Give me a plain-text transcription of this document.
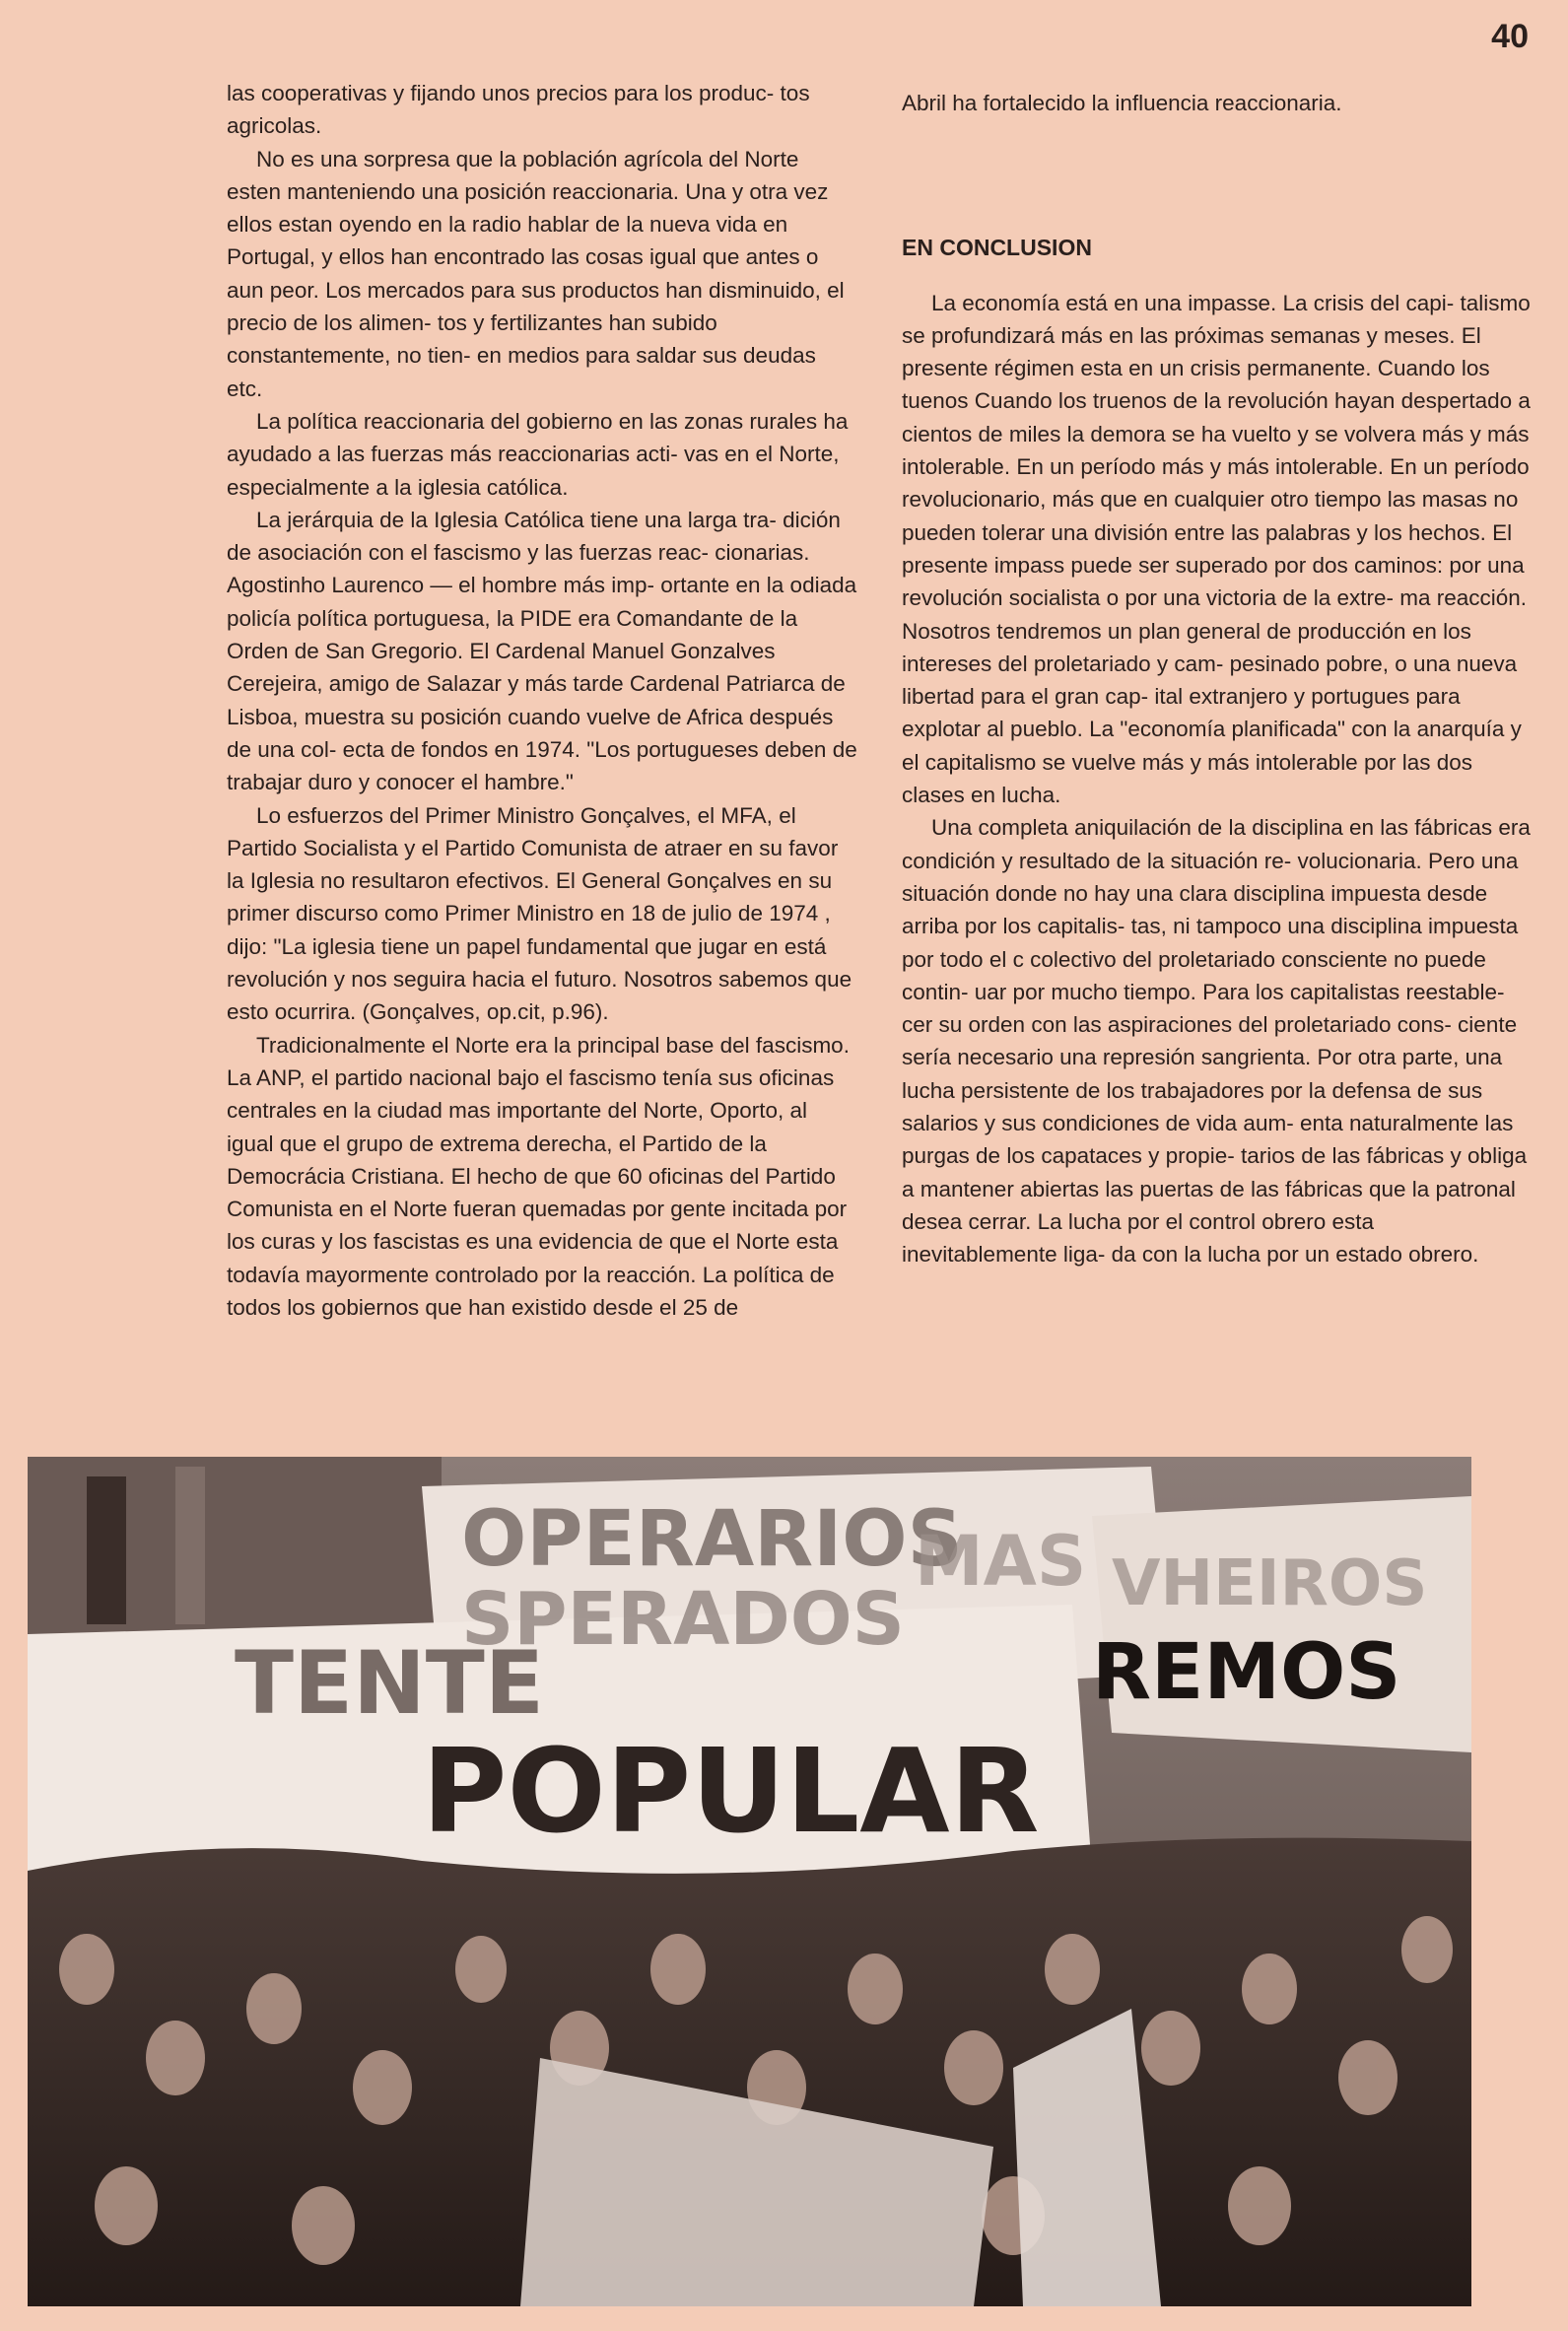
40

las cooperativas y fijando unos precios para los produc- tos agricolas.

No es una sorpresa que la población agrícola del Norte esten manteniendo una posición reaccionaria. Una y otra vez ellos estan oyendo en la radio hablar de la nueva vida en Portugal, y ellos han encontrado las cosas igual que antes o aun peor. Los mercados para sus productos han disminuido, el precio de los alimen- tos y fertilizantes han subido constantemente, no tien- en medios para saldar sus deudas etc.

La política reaccionaria del gobierno en las zonas rurales ha ayudado a las fuerzas más reaccionarias acti- vas en el Norte, especialmente a la iglesia católica.

La jerárquia de la Iglesia Católica tiene una larga tra- dición de asociación con el fascismo y las fuerzas reac- cionarias. Agostinho Laurenco — el hombre más imp- ortante en la odiada policía política portuguesa, la PIDE era Comandante de la Orden de San Gregorio. El Cardenal Manuel Gonzalves Cerejeira, amigo de Salazar y más tarde Cardenal Patriarca de Lisboa, muestra su posición cuando vuelve de Africa después de una col- ecta de fondos en 1974. "Los portugueses deben de trabajar duro y conocer el hambre."

Lo esfuerzos del Primer Ministro Gonçalves, el MFA, el Partido Socialista y el Partido Comunista de atraer en su favor la Iglesia no resultaron efectivos. El General Gonçalves en su primer discurso como Primer Ministro en 18 de julio de 1974 , dijo: "La iglesia tiene un papel fundamental que jugar en está revolución y nos seguira hacia el futuro. Nosotros sabemos que esto ocurrira. (Gonçalves, op.cit, p.96).

Tradicionalmente el Norte era la principal base del fascismo. La ANP, el partido nacional bajo el fascismo tenía sus oficinas centrales en la ciudad mas importante del Norte, Oporto, al igual que el grupo de extrema derecha, el Partido de la Democrácia Cristiana. El hecho de que 60 oficinas del Partido Comunista en el Norte fueran quemadas por gente incitada por los curas y los fascistas es una evidencia de que el Norte esta todavía mayormente controlado por la reacción. La política de todos los gobiernos que han existido desde el 25 de

Abril ha fortalecido la influencia reaccionaria.

EN CONCLUSION

La economía está en una impasse. La crisis del capi- talismo se profundizará más en las próximas semanas y meses. El presente régimen esta en un crisis permanente. Cuando los tuenos Cuando los truenos de la revolución hayan despertado a cientos de miles la demora se ha vuelto y se volvera más y más intolerable. En un período más y más intolerable. En un período revolucionario, más que en cualquier otro tiempo las masas no pueden tolerar una división entre las palabras y los hechos. El presente impass puede ser superado por dos caminos: por una revolución socialista o por una victoria de la extre- ma reacción. Nosotros tendremos un plan general de producción en los intereses del proletariado y cam- pesinado pobre, o una nueva libertad para el gran cap- ital extranjero y portugues para explotar al pueblo. La "economía planificada" con la anarquía y el capitalismo se vuelve más y más intolerable por las dos clases en lucha.

Una completa aniquilación de la disciplina en las fábricas era condición y resultado de la situación re- volucionaria. Pero una situación donde no hay una clara disciplina impuesta desde arriba por los capitalis- tas, ni tampoco una disciplina impuesta por todo el c colectivo del proletariado consciente no puede contin- uar por mucho tiempo. Para los capitalistas reestable- cer su orden con las aspiraciones del proletariado cons- ciente sería necesario una represión sangrienta. Por otra parte, una lucha persistente de los trabajadores por la defensa de sus salarios y sus condiciones de vida aum- enta naturalmente las purgas de los capataces y propie- tarios de las fábricas y obliga a mantener abiertas las puertas de las fábricas que la patronal desea cerrar. La lucha por el control obrero esta inevitablemente liga- da con la lucha por un estado obrero.

OPERARIOS
SPERADOS
MAS VHEIROS
REMOS
TENTE
POPULAR
